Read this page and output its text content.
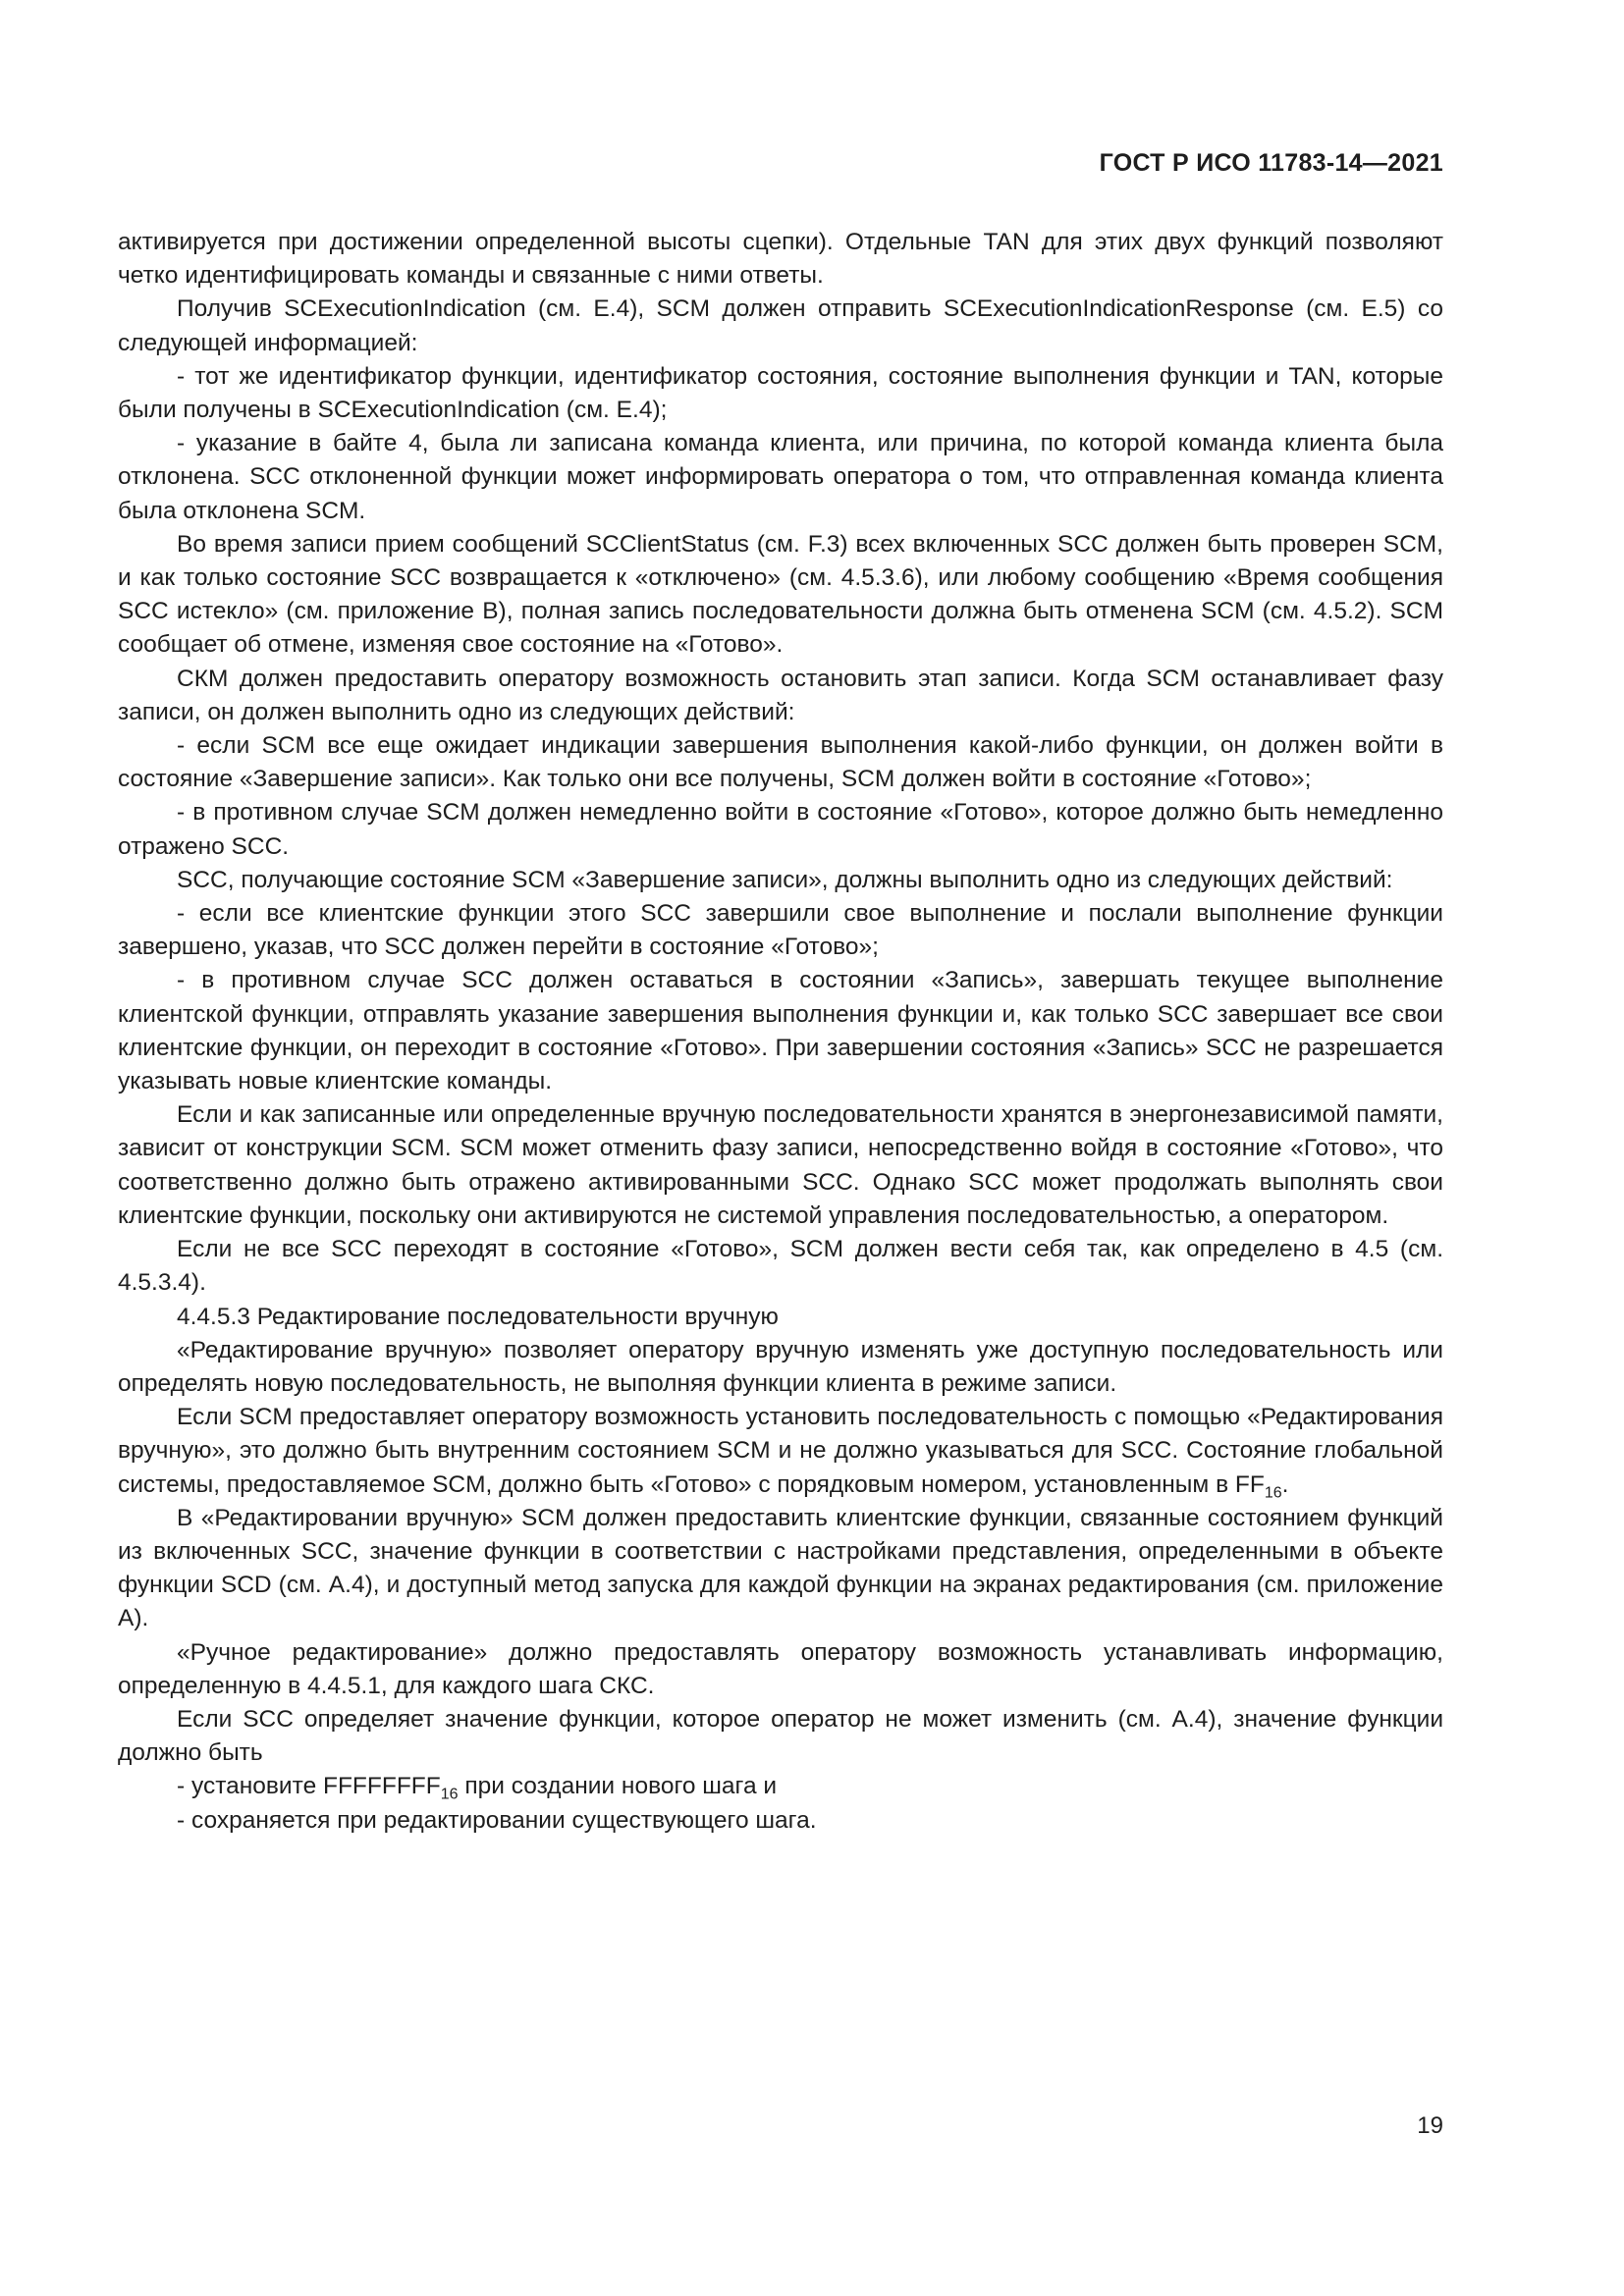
ГОСТ Р ИСО 11783-14—2021

активируется при достижении определенной высоты сцепки). Отдельные TAN для этих двух функций позволяют четко идентифицировать команды и связанные с ними ответы.

Получив SCExecutionIndication (см. Е.4), SCM должен отправить SCExecutionIndicationResponse (см. Е.5) со следующей информацией:

- тот же идентификатор функции, идентификатор состояния, состояние выполнения функции и TAN, которые были получены в SCExecutionIndication (см. Е.4);

- указание в байте 4, была ли записана команда клиента, или причина, по которой команда клиента была отклонена. SCC отклоненной функции может информировать оператора о том, что отправленная команда клиента была отклонена SCM.

Во время записи прием сообщений SCClientStatus (см. F.3) всех включенных SCC должен быть проверен SCM, и как только состояние SCC возвращается к «отключено» (см. 4.5.3.6), или любому сообщению «Время сообщения SCC истекло» (см. приложение В), полная запись последовательности должна быть отменена SCM (см. 4.5.2). SCM сообщает об отмене, изменяя свое состояние на «Готово».

СКМ должен предоставить оператору возможность остановить этап записи. Когда SCM останавливает фазу записи, он должен выполнить одно из следующих действий:

- если SCM все еще ожидает индикации завершения выполнения какой-либо функции, он должен войти в состояние «Завершение записи». Как только они все получены, SCM должен войти в состояние «Готово»;

- в противном случае SCM должен немедленно войти в состояние «Готово», которое должно быть немедленно отражено SCC.

SCC, получающие состояние SCM «Завершение записи», должны выполнить одно из следующих действий:

- если все клиентские функции этого SCC завершили свое выполнение и послали выполнение функции завершено, указав, что SCC должен перейти в состояние «Готово»;

- в противном случае SCC должен оставаться в состоянии «Запись», завершать текущее выполнение клиентской функции, отправлять указание завершения выполнения функции и, как только SCC завершает все свои клиентские функции, он переходит в состояние «Готово». При завершении состояния «Запись» SCC не разрешается указывать новые клиентские команды.

Если и как записанные или определенные вручную последовательности хранятся в энергонезависимой памяти, зависит от конструкции SCM. SCM может отменить фазу записи, непосредственно войдя в состояние «Готово», что соответственно должно быть отражено активированными SCC. Однако SCC может продолжать выполнять свои клиентские функции, поскольку они активируются не системой управления последовательностью, а оператором.

Если не все SCC переходят в состояние «Готово», SCM должен вести себя так, как определено в 4.5 (см. 4.5.3.4).

4.4.5.3 Редактирование последовательности вручную

«Редактирование вручную» позволяет оператору вручную изменять уже доступную последовательность или определять новую последовательность, не выполняя функции клиента в режиме записи.

Если SCM предоставляет оператору возможность установить последовательность с помощью «Редактирования вручную», это должно быть внутренним состоянием SCM и не должно указываться для SCC. Состояние глобальной системы, предоставляемое SCM, должно быть «Готово» с порядковым номером, установленным в $FF_{16}$.

В «Редактировании вручную» SCM должен предоставить клиентские функции, связанные состоянием функций из включенных SCC, значение функции в соответствии с настройками представления, определенными в объекте функции SCD (см. А.4), и доступный метод запуска для каждой функции на экранах редактирования (см. приложение А).

«Ручное редактирование» должно предоставлять оператору возможность устанавливать информацию, определенную в 4.4.5.1, для каждого шага СКС.

Если SCC определяет значение функции, которое оператор не может изменить (см. А.4), значение функции должно быть

- установите $FFFFFFFF_{16}$ при создании нового шага и

- сохраняется при редактировании существующего шага.

19
